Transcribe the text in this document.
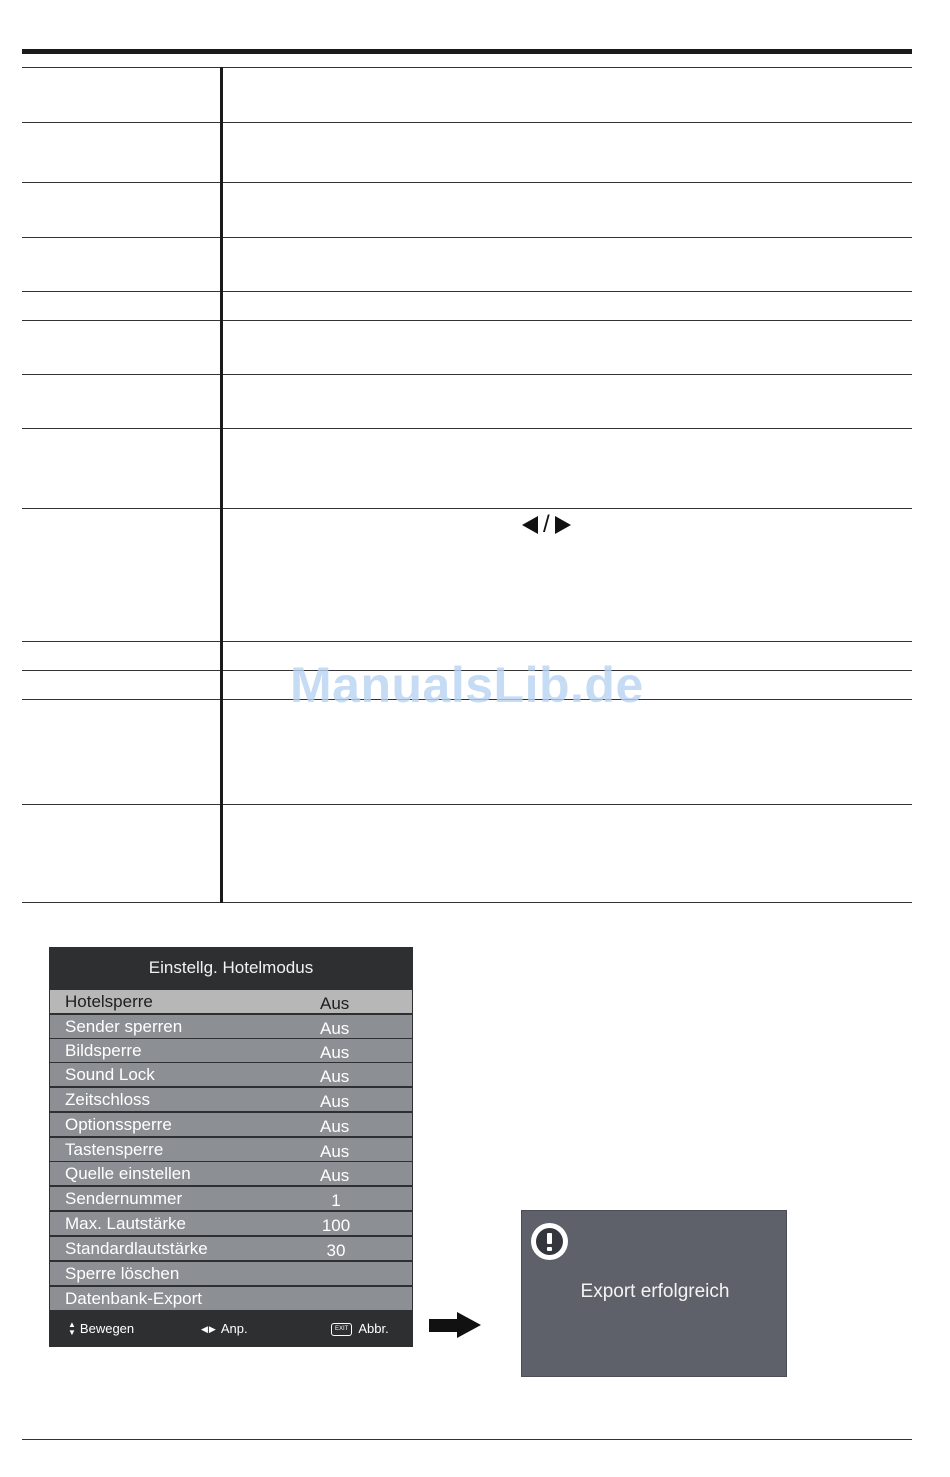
/
ManualsLib.de
Einstellg. Hotelmodus
Hotelsperre	Aus
Sender sperren	Aus
Bildsperre	Aus
Sound Lock	Aus
Zeitschloss	Aus
Optionssperre	Aus
Tastensperre	Aus
Quelle einstellen	Aus
Sendernummer	1
Max. Lautstärke	100
Standardlautstärke	30
Sperre löschen
Datenbank-Export
▲
▼ Bewegen	◀▶ Anp.	EXIT Abbr.
Export erfolgreich
